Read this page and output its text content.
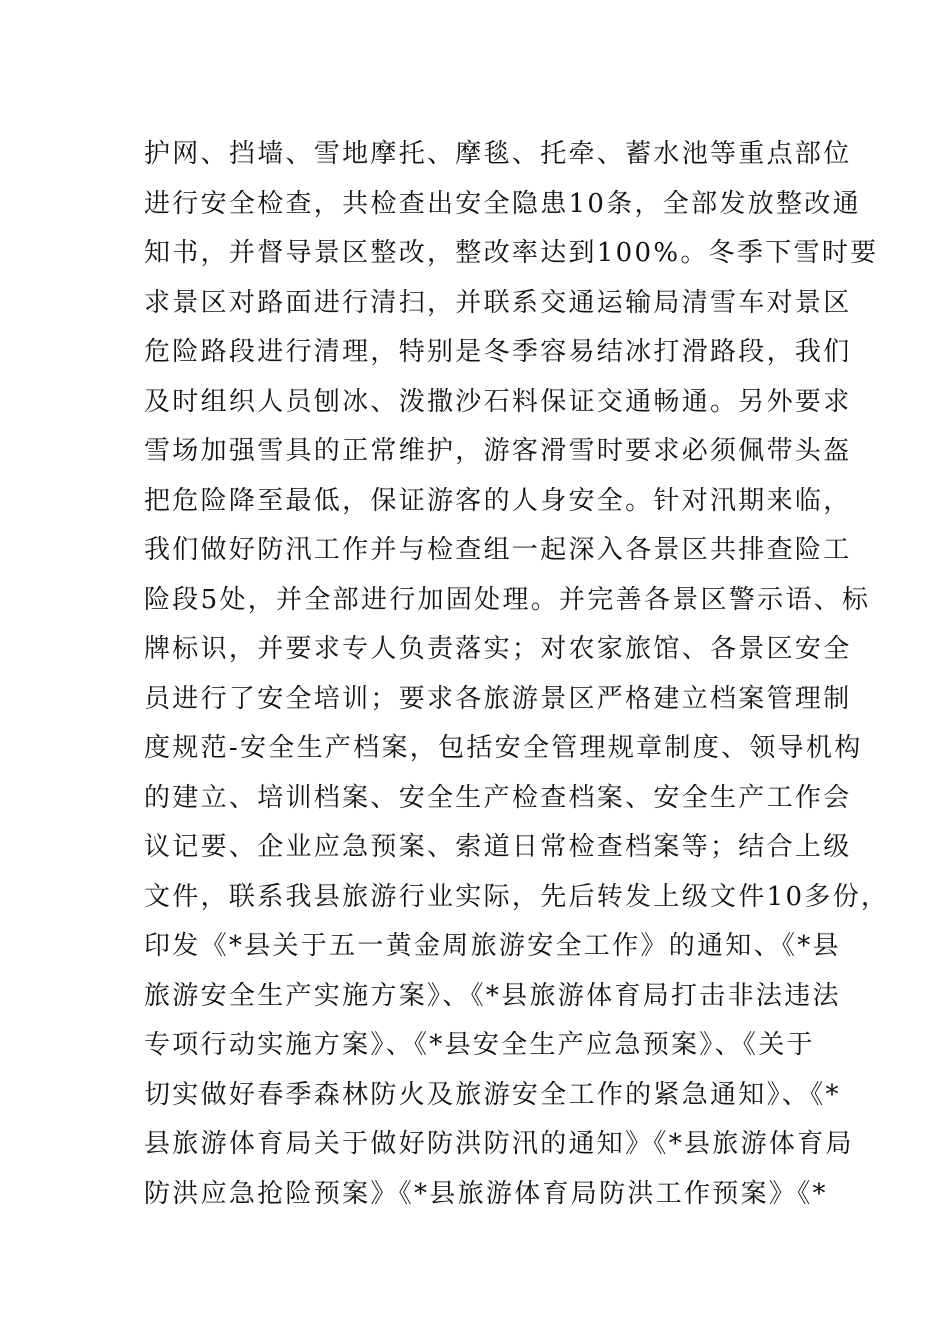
护网、挡墙、雪地摩托、摩毯、托牵、蓄水池等重点部位
进行安全检查，共检查出安全隐患10条，全部发放整改通
知书，并督导景区整改，整改率达到100%。冬季下雪时要
求景区对路面进行清扫，并联系交通运输局清雪车对景区
危险路段进行清理，特别是冬季容易结冰打滑路段，我们
及时组织人员刨冰、泼撒沙石料保证交通畅通。另外要求
雪场加强雪具的正常维护，游客滑雪时要求必须佩带头盔
把危险降至最低，保证游客的人身安全。针对汛期来临，
我们做好防汛工作并与检查组一起深入各景区共排查险工
险段5处，并全部进行加固处理。并完善各景区警示语、标
牌标识，并要求专人负责落实；对农家旅馆、各景区安全
员进行了安全培训；要求各旅游景区严格建立档案管理制
度规范-安全生产档案，包括安全管理规章制度、领导机构
的建立、培训档案、安全生产检查档案、安全生产工作会
议记要、企业应急预案、索道日常检查档案等；结合上级
文件，联系我县旅游行业实际，先后转发上级文件10多份，
印发《*县关于五一黄金周旅游安全工作》的通知、《*县
旅游安全生产实施方案》、《*县旅游体育局打击非法违法
专项行动实施方案》、《*县安全生产应急预案》、《关于
切实做好春季森林防火及旅游安全工作的紧急通知》、《*
县旅游体育局关于做好防洪防汛的通知》《*县旅游体育局
防洪应急抢险预案》《*县旅游体育局防洪工作预案》《*
